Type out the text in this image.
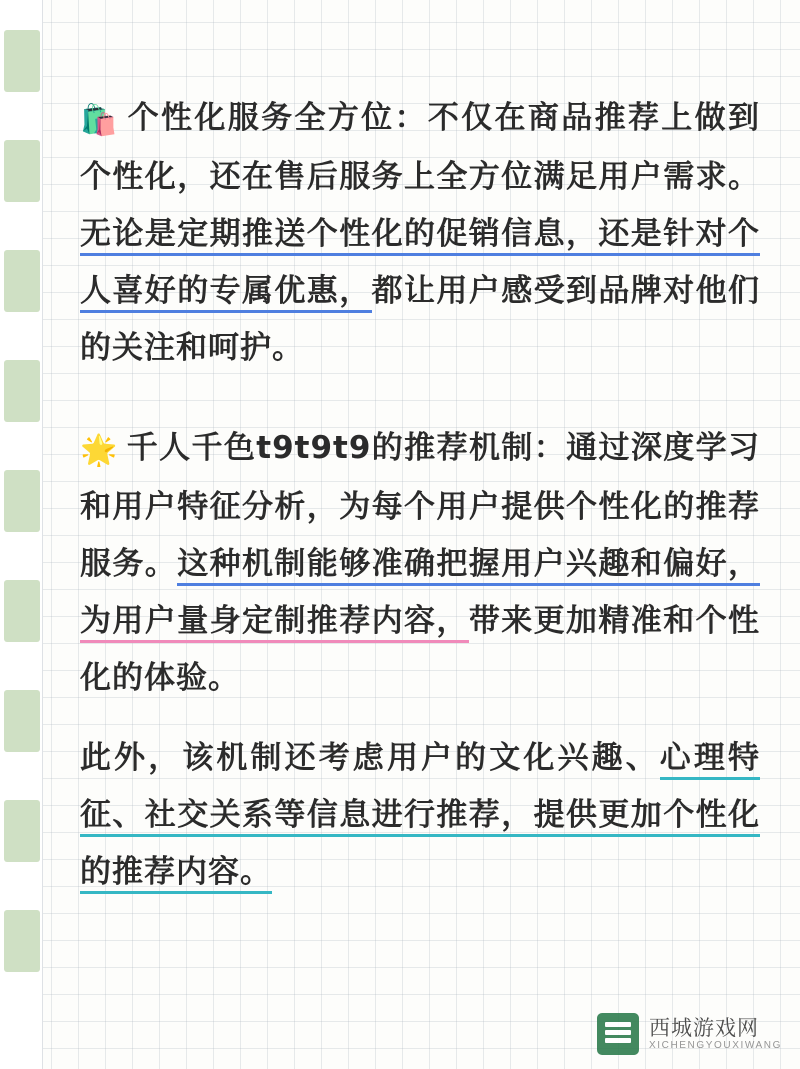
🛍️ 个性化服务全方位：不仅在商品推荐上做到个性化，还在售后服务上全方位满足用户需求。无论是定期推送个性化的促销信息，还是针对个人喜好的专属优惠，都让用户感受到品牌对他们的关注和呵护。
🌟 千人千色t9t9t9的推荐机制：通过深度学习和用户特征分析，为每个用户提供个性化的推荐服务。这种机制能够准确把握用户兴趣和偏好，为用户量身定制推荐内容，带来更加精准和个性化的体验。
此外，该机制还考虑用户的文化兴趣、心理特征、社交关系等信息进行推荐，提供更加个性化的推荐内容。
西城游戏网
XICHENGYOUXIWANG
